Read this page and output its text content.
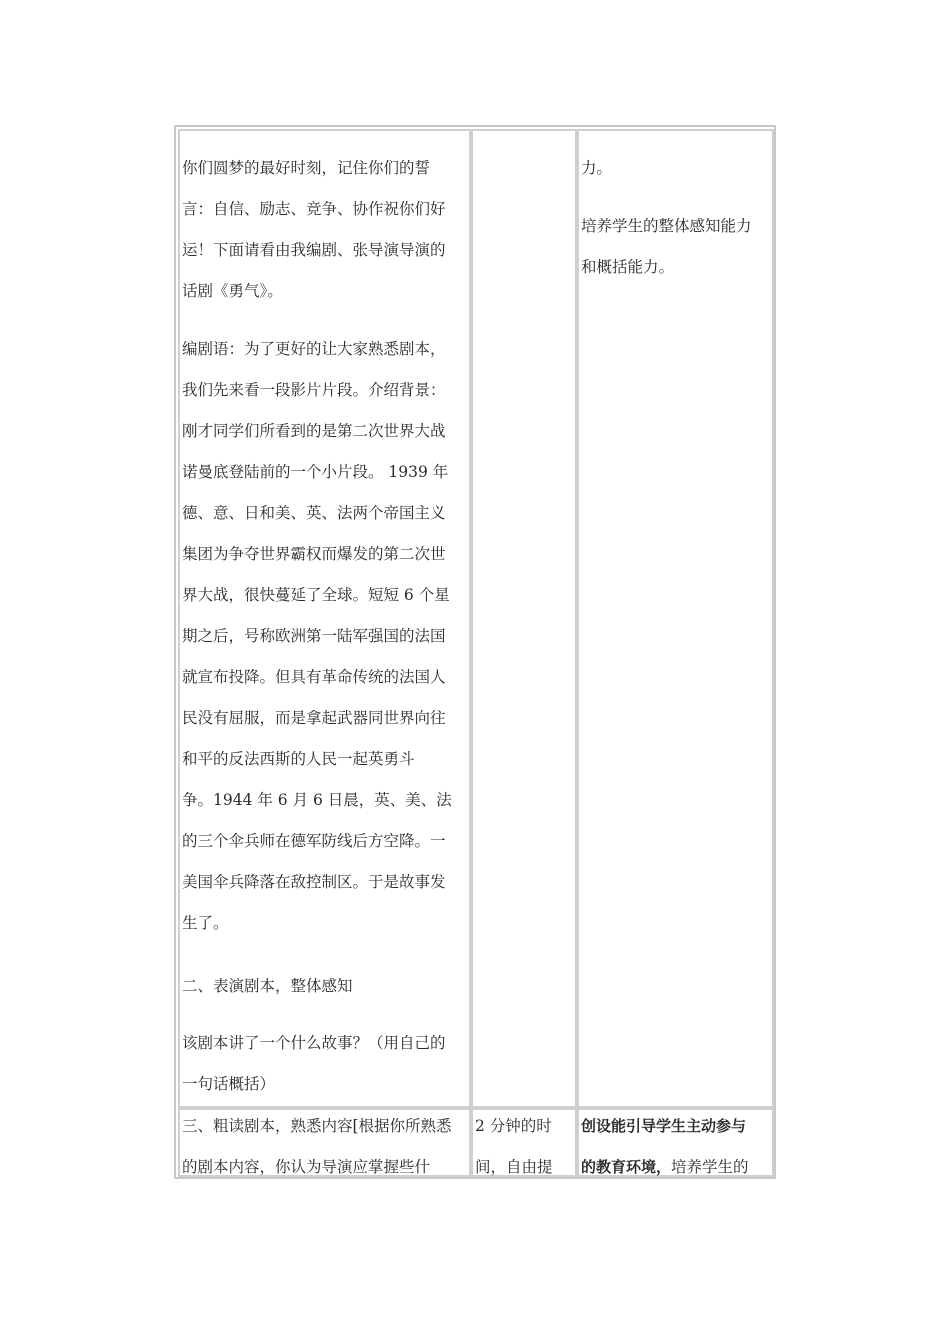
你们圆梦的最好时刻，记住你们的誓
言：自信、励志、竞争、协作祝你们好
运！下面请看由我编剧、张导演导演的
话剧《勇气》。
编剧语：为了更好的让大家熟悉剧本，
我们先来看一段影片片段。介绍背景：
刚才同学们所看到的是第二次世界大战
诺曼底登陆前的一个小片段。 1939 年
德、意、日和美、英、法两个帝国主义
集团为争夺世界霸权而爆发的第二次世
界大战，很快蔓延了全球。短短 6 个星
期之后，号称欧洲第一陆军强国的法国
就宣布投降。但具有革命传统的法国人
民没有屈服，而是拿起武器同世界向往
和平的反法西斯的人民一起英勇斗
争。1944 年 6 月 6 日晨，英、美、法
的三个伞兵师在德军防线后方空降。一
美国伞兵降落在敌控制区。于是故事发
生了。
二、表演剧本，整体感知
该剧本讲了一个什么故事？（用自己的
一句话概括）
力。
培养学生的整体感知能力
和概括能力。
三、粗读剧本，熟悉内容[根据你所熟悉
的剧本内容，你认为导演应掌握些什
2 分钟的时
间，自由提
创设能引导学生主动参与
的教育环境，培养学生的
